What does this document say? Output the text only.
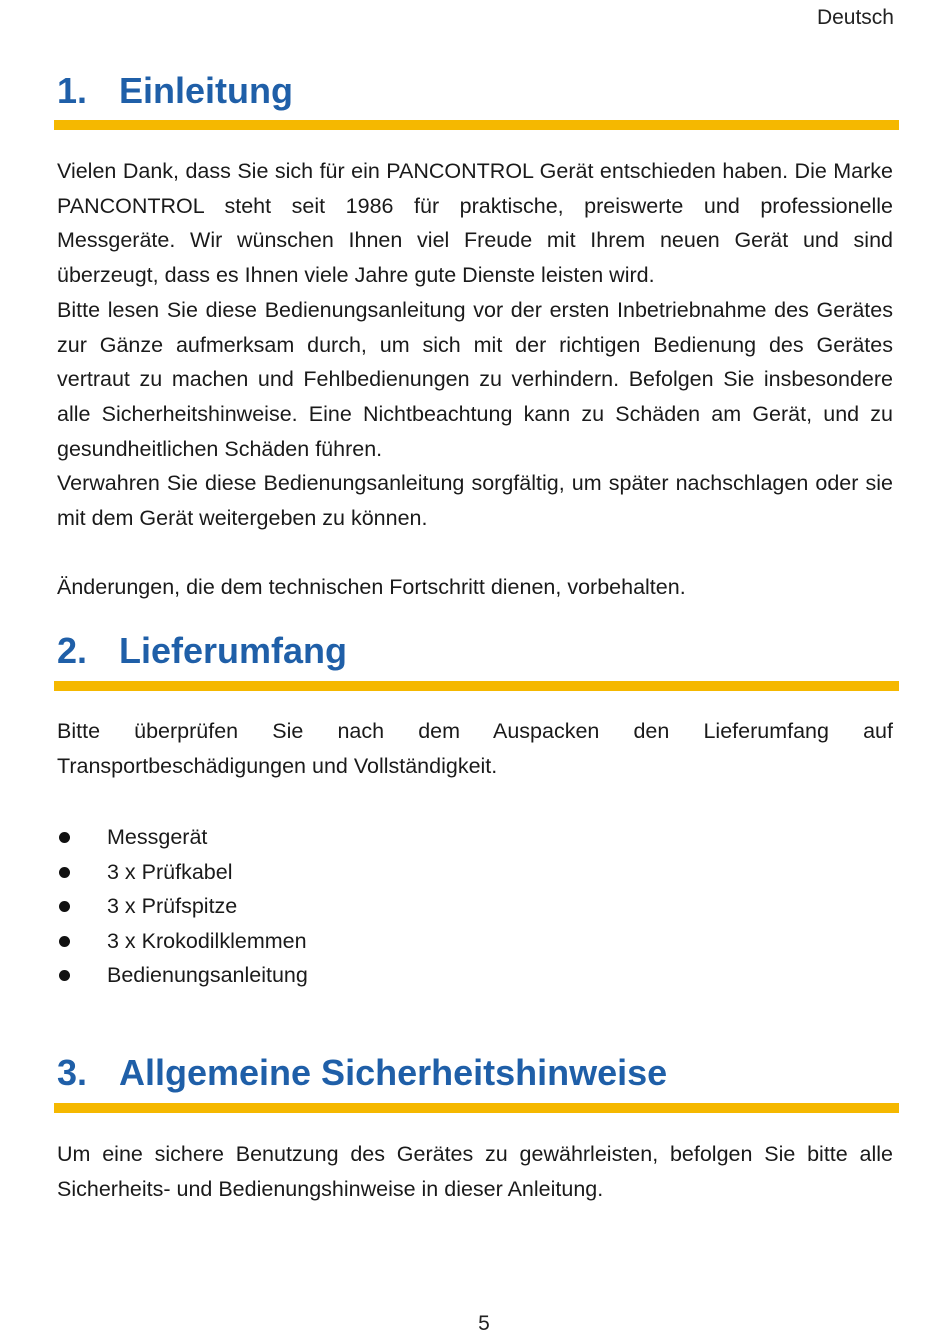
Deutsch
1. Einleitung

Vielen Dank, dass Sie sich für ein PANCONTROL Gerät entschieden haben. Die Marke PANCONTROL steht seit 1986 für praktische, preiswerte und professionelle Messgeräte. Wir wünschen Ihnen viel Freude mit Ihrem neuen Gerät und sind überzeugt, dass es Ihnen viele Jahre gute Dienste leisten wird.

Bitte lesen Sie diese Bedienungsanleitung vor der ersten Inbetriebnahme des Gerätes zur Gänze aufmerksam durch, um sich mit der richtigen Bedienung des Gerätes vertraut zu machen und Fehlbedienungen zu verhindern. Befolgen Sie insbesondere alle Sicherheitshinweise. Eine Nichtbeachtung kann zu Schäden am Gerät, und zu gesundheitlichen Schäden führen.

Verwahren Sie diese Bedienungsanleitung sorgfältig, um später nachschlagen oder sie mit dem Gerät weitergeben zu können.

Änderungen, die dem technischen Fortschritt dienen, vorbehalten.

2. Lieferumfang

Bitte überprüfen Sie nach dem Auspacken den Lieferumfang auf Transportbeschädigungen und Vollständigkeit.

Messgerät
3 x Prüfkabel
3 x Prüfspitze
3 x Krokodilklemmen
Bedienungsanleitung
3. Allgemeine Sicherheitshinweise

Um eine sichere Benutzung des Gerätes zu gewährleisten, befolgen Sie bitte alle Sicherheits- und Bedienungshinweise in dieser Anleitung.

5
